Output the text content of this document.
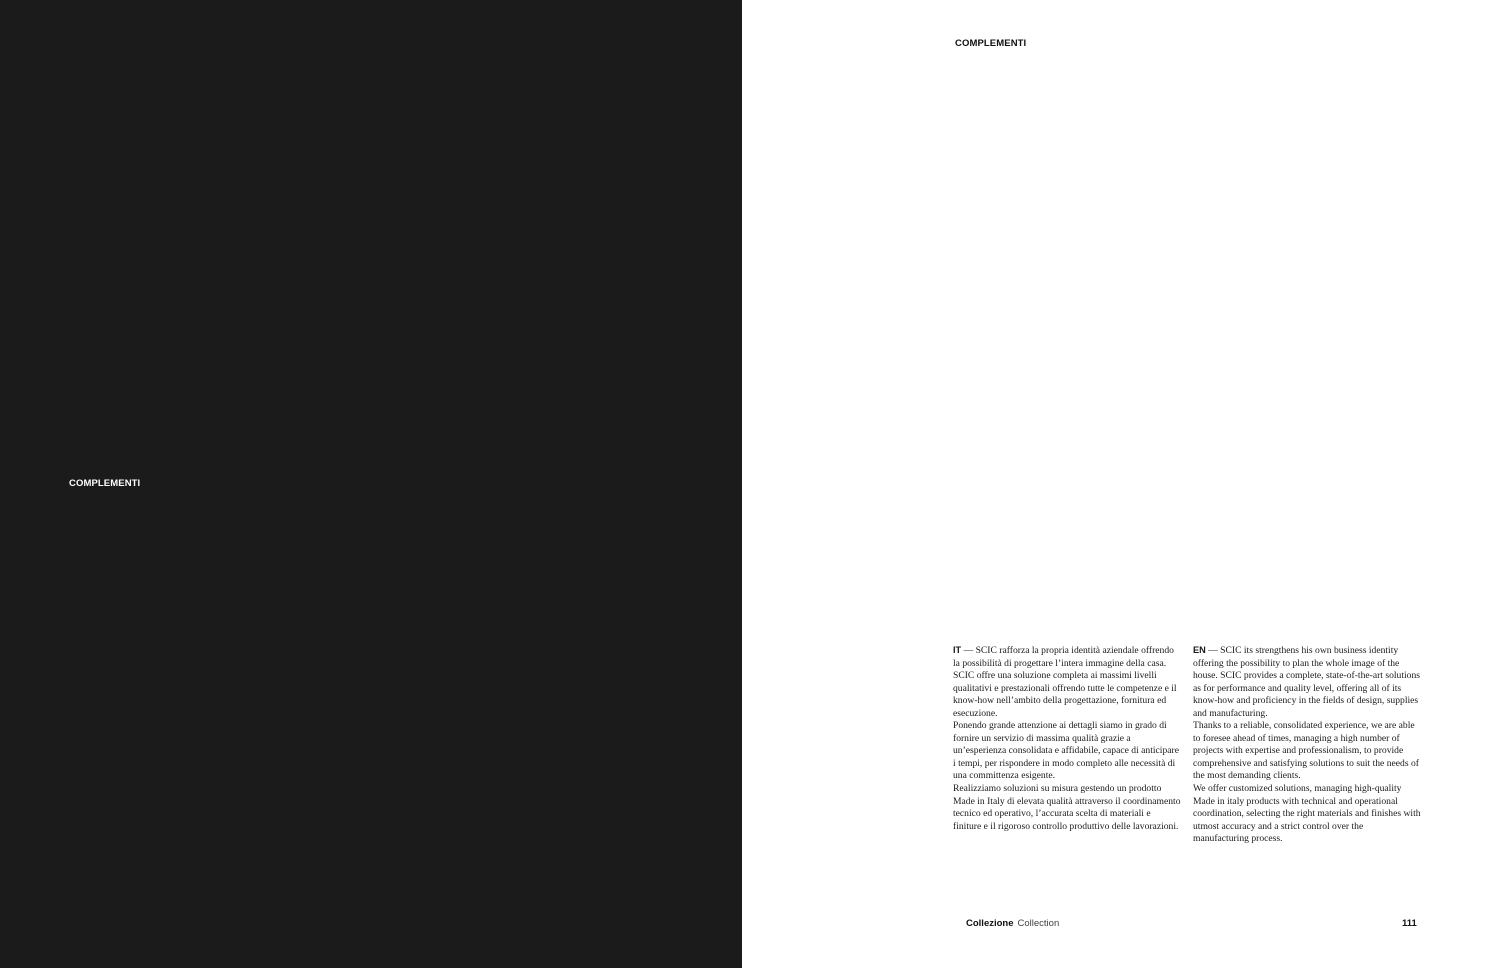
COMPLEMENTI
COMPLEMENTI

IT — SCIC rafforza la propria identità aziendale offrendo la possibilità di progettare l’intera immagine della casa. SCIC offre una soluzione completa ai massimi livelli qualitativi e prestazionali offrendo tutte le competenze e il know-how nell’ambito della progettazione, fornitura ed esecuzione.

Ponendo grande attenzione ai dettagli siamo in grado di fornire un servizio di massima qualità grazie a un’esperienza consolidata e affidabile, capace di anticipare i tempi, per rispondere in modo completo alle necessità di una committenza esigente.

Realizziamo soluzioni su misura gestendo un prodotto Made in Italy di elevata qualità attraverso il coordinamento tecnico ed operativo, l’accurata scelta di materiali e finiture e il rigoroso controllo produttivo delle lavorazioni.

EN — SCIC its strengthens his own business identity offering the possibility to plan the whole image of the house. SCIC provides a complete, state-of-the-art solutions as for performance and quality level, offering all of its know-how and proficiency in the fields of design, supplies and manufacturing.

Thanks to a reliable, consolidated experience, we are able to foresee ahead of times, managing a high number of projects with expertise and professionalism, to provide comprehensive and satisfying solutions to suit the needs of the most demanding clients.

We offer customized solutions, managing high-quality Made in italy products with technical and operational coordination, selecting the right materials and finishes with utmost accuracy and a strict control over the manufacturing process.

Collezione Collection	111
